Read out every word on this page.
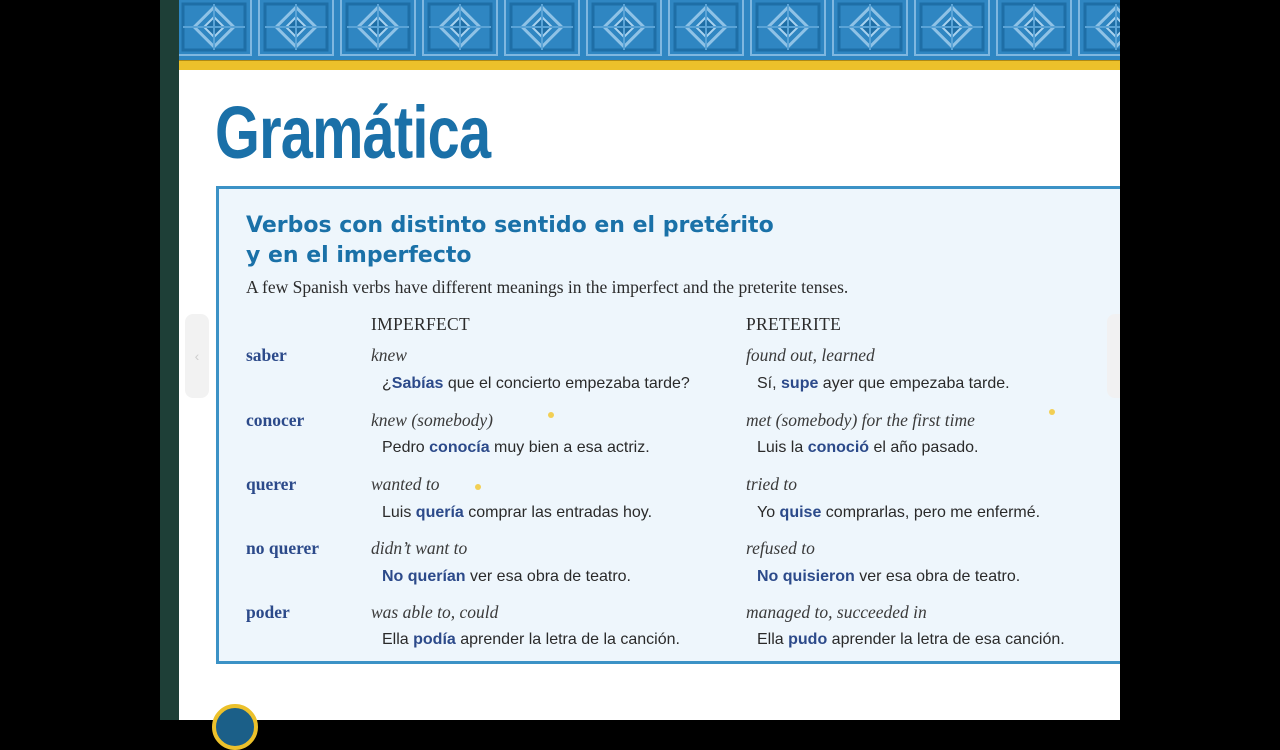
Gramática
Verbos con distinto sentido en el pretérito
y en el imperfecto
A few Spanish verbs have different meanings in the imperfect and the preterite tenses.
IMPERFECT	PRETERITE
saber	knew	found out, learned
¿Sabías que el concierto empezaba tarde?	Sí, supe ayer que empezaba tarde.
conocer	knew (somebody)	met (somebody) for the first time
Pedro conocía muy bien a esa actriz.	Luis la conoció el año pasado.
querer	wanted to	tried to
Luis quería comprar las entradas hoy.	Yo quise comprarlas, pero me enfermé.
no querer	didn’t want to	refused to
No querían ver esa obra de teatro.	No quisieron ver esa obra de teatro.
poder	was able to, could	managed to, succeeded in
Ella podía aprender la letra de la canción.	Ella pudo aprender la letra de esa canción.
‹
